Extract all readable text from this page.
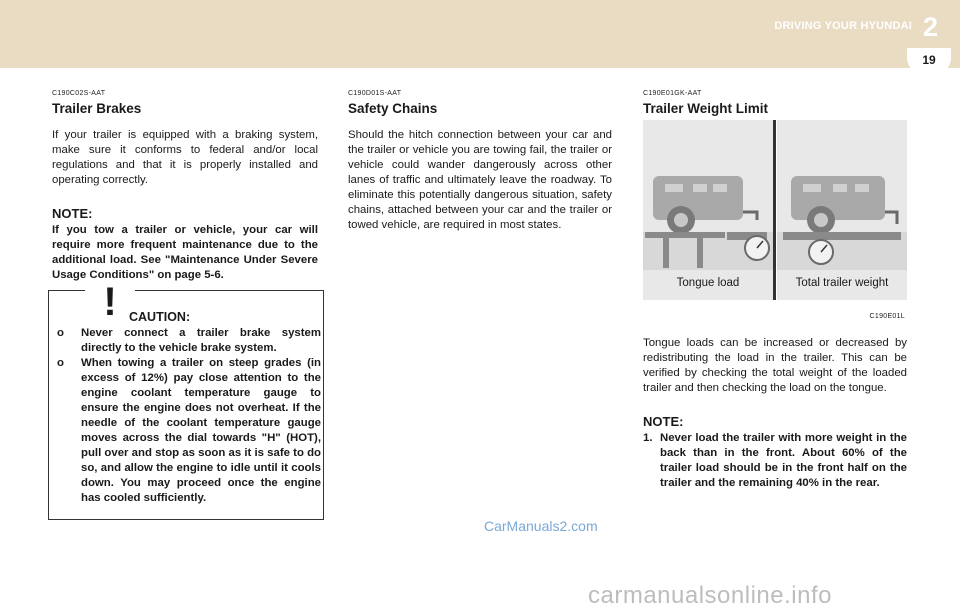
DRIVING YOUR HYUNDAI 2
19
C190C02S-AAT
Trailer Brakes

If your trailer is equipped with a braking system, make sure it conforms to federal and/or local regulations and that it is properly installed and operating correctly.

NOTE:

If you tow a trailer or vehicle, your car will require more frequent maintenance due to the additional load. See "Maintenance Under Severe Usage Conditions" on page 5-6.

! CAUTION:
o Never connect a trailer brake system directly to the vehicle brake system.
o When towing a trailer on steep grades (in excess of 12%) pay close attention to the engine coolant temperature gauge to ensure the engine does not overheat. If the needle of the coolant temperature gauge moves across the dial towards "H" (HOT), pull over and stop as soon as it is safe to do so, and allow the engine to idle until it cools down. You may proceed once the engine has cooled sufficiently.
C190D01S-AAT
Safety Chains

Should the hitch connection between your car and the trailer or vehicle you are towing fail, the trailer or vehicle could wander dangerously across other lanes of traffic and ultimately leave the roadway. To eliminate this potentially dangerous situation, safety chains, attached between your car and the trailer or towed vehicle, are required in most states.

C190E01GK-AAT
Trailer Weight Limit
Tongue load	Total trailer weight
C190E01L

Tongue loads can be increased or decreased by redistributing the load in the trailer. This can be verified by checking the total weight of the loaded trailer and then checking the load on the tongue.

NOTE:
1. Never load the trailer with more weight in the back than in the front. About 60% of the trailer load should be in the front half on the trailer and the remaining 40% in the rear.
CarManuals2.com
carmanualsonline.info
